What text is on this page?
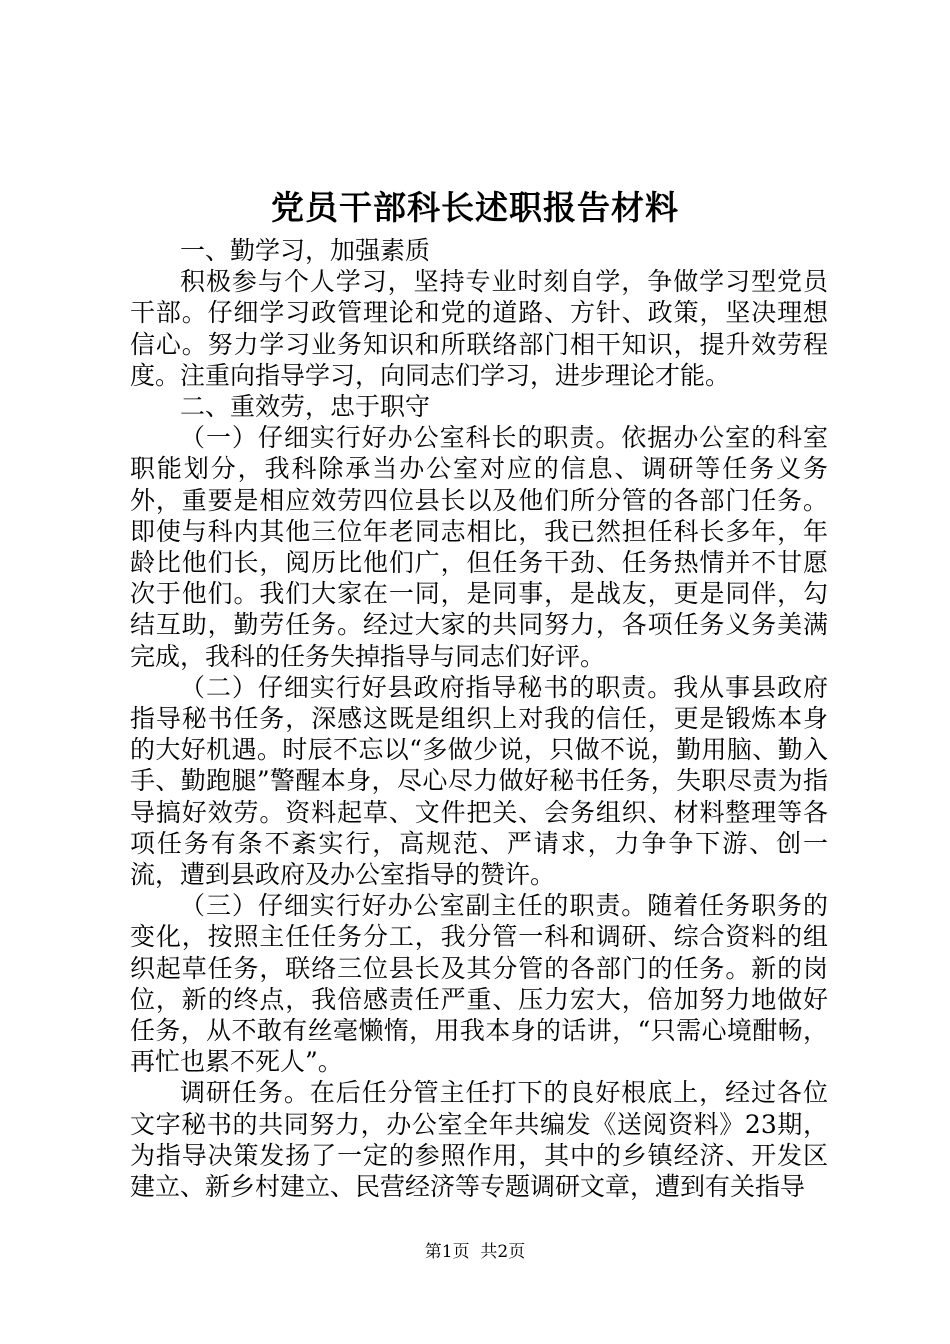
党员干部科长述职报告材料

一、勤学习，加强素质

积极参与个人学习，坚持专业时刻自学，争做学习型党员干部。仔细学习政管理论和党的道路、方针、政策，坚决理想信心。努力学习业务知识和所联络部门相干知识，提升效劳程度。注重向指导学习，向同志们学习，进步理论才能。

二、重效劳，忠于职守

（一）仔细实行好办公室科长的职责。依据办公室的科室职能划分，我科除承当办公室对应的信息、调研等任务义务外，重要是相应效劳四位县长以及他们所分管的各部门任务。即使与科内其他三位年老同志相比，我已然担任科长多年，年龄比他们长，阅历比他们广，但任务干劲、任务热情并不甘愿次于他们。我们大家在一同，是同事，是战友，更是同伴，勾结互助，勤劳任务。经过大家的共同努力，各项任务义务美满完成，我科的任务失掉指导与同志们好评。

（二）仔细实行好县政府指导秘书的职责。我从事县政府指导秘书任务，深感这既是组织上对我的信任，更是锻炼本身的大好机遇。时辰不忘以“多做少说，只做不说，勤用脑、勤入手、勤跑腿”警醒本身，尽心尽力做好秘书任务，失职尽责为指导搞好效劳。资料起草、文件把关、会务组织、材料整理等各项任务有条不紊实行，高规范、严请求，力争争下游、创一流，遭到县政府及办公室指导的赞许。

（三）仔细实行好办公室副主任的职责。随着任务职务的变化，按照主任任务分工，我分管一科和调研、综合资料的组织起草任务，联络三位县长及其分管的各部门的任务。新的岗位，新的终点，我倍感责任严重、压力宏大，倍加努力地做好任务，从不敢有丝毫懒惰，用我本身的话讲，“只需心境酣畅，再忙也累不死人”。

调研任务。在后任分管主任打下的良好根底上，经过各位文字秘书的共同努力，办公室全年共编发《送阅资料》23期，为指导决策发扬了一定的参照作用，其中的乡镇经济、开发区建立、新乡村建立、民营经济等专题调研文章，遭到有关指导

第1页 共2页
